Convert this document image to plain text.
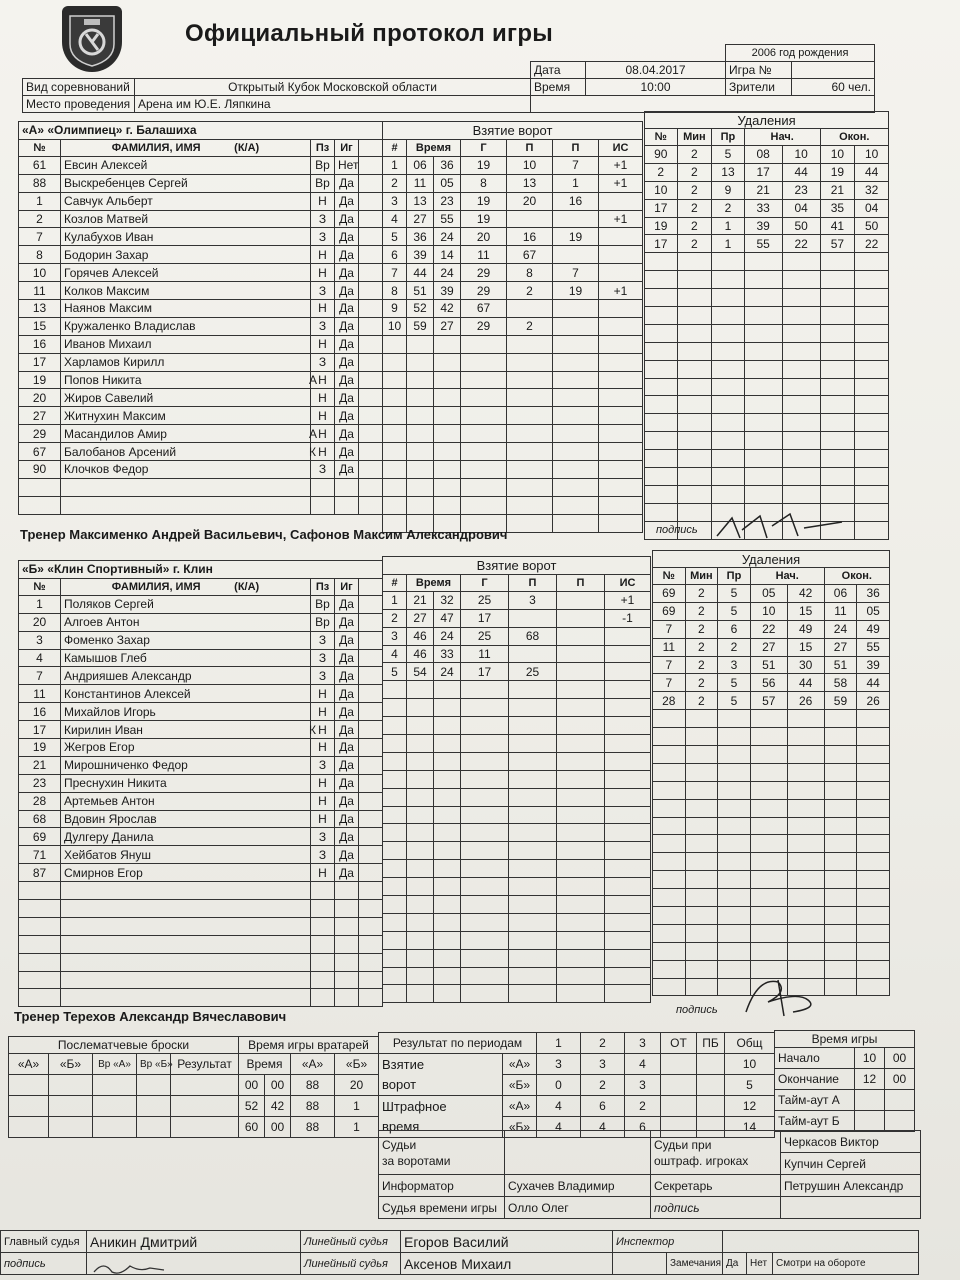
Официальный протокол игры
				2006 год рождения	
		Дата	08.04.2017	Игра №	
Вид соревнований	Открытый Кубок Московской области	Время	10:00	Зрители	60 чел.
Место проведения	Арена им Ю.Е. Ляпкина				
«А» «Олимпиец» г. Балашиха				
№	ФАМИЛИЯ, ИМЯ (К/А)	Пз	Иг	
61	Евсин Алексей	Вр	Нет	
88	Выскребенцев Сергей	Вр	Да	
1	Савчук Альберт	Н	Да	
2	Козлов Матвей	З	Да	
7	Кулабухов Иван	З	Да	
8	Бодорин Захар	Н	Да	
10	Горячев Алексей	Н	Да	
11	Колков Максим	З	Да	
13	Наянов Максим	Н	Да	
15	Кружаленко Владислав	З	Да	
16	Иванов Михаил	Н	Да	
17	Харламов Кирилл	З	Да	
19	Попов Никита А	Н	Да	
20	Жиров Савелий	Н	Да	
27	Житнухин Максим	Н	Да	
29	Масандилов Амир А	Н	Да	
67	Балобанов Арсений К	Н	Да	
90	Клочков Федор	З	Да	

Взятие ворот						
#	Время		Г	П	П	ИС
1	06	36	19	10	7	+1
2	11	05	8	13	1	+1
3	13	23	19	20	16	
4	27	55	19			+1
5	36	24	20	16	19	
6	39	14	11	67		
7	44	24	29	8	7	
8	51	39	29	2	19	+1
9	52	42	67			
10	59	27	29	2		

Удаления						
№	Мин	Пр	Нач.		Окон.	
90	2	5	08	10	10	10
2	2	13	17	44	19	44
10	2	9	21	23	21	32
17	2	2	33	04	35	04
19	2	1	39	50	41	50
17	2	1	55	22	57	22

Тренер Максименко Андрей Васильевич, Сафонов Максим Александрович	подпись
«Б» «Клин Спортивный» г. Клин				
№	ФАМИЛИЯ, ИМЯ (К/А)	Пз	Иг	
1	Поляков Сергей	Вр	Да	
20	Алгоев Антон	Вр	Да	
3	Фоменко Захар	З	Да	
4	Камышов Глеб	З	Да	
7	Андрияшев Александр	З	Да	
11	Константинов Алексей	Н	Да	
16	Михайлов Игорь	Н	Да	
17	Кирилин Иван К	Н	Да	
19	Жегров Егор	Н	Да	
21	Мирошниченко Федор	З	Да	
23	Преснухин Никита	Н	Да	
28	Артемьев Антон	Н	Да	
68	Вдовин Ярослав	Н	Да	
69	Дулгеру Данила	З	Да	
71	Хейбатов Януш	З	Да	
87	Смирнов Егор	Н	Да	

Взятие ворот						
#	Время		Г	П	П	ИС
1	21	32	25	3		+1
2	27	47	17			-1
3	46	24	25	68		
4	46	33	11			
5	54	24	17	25		

Удаления						
№	Мин	Пр	Нач.		Окон.	
69	2	5	05	42	06	36
69	2	5	10	15	11	05
7	2	6	22	49	24	49
11	2	2	27	15	27	55
7	2	3	51	30	51	39
7	2	5	56	44	58	44
28	2	5	57	26	59	26

Тренер Терехов Александр Вячеславович	подпись
Послематчевые броски				
«А»	«Б»	Вр «А»	Вр «Б»	Результат

Время игры вратарей			
Время		«А»	«Б»
00	00	88	20
52	42	88	1
60	00	88	1
Результат по периодам		1	2	3	ОТ	ПБ	Общ
Взятие	«А»	3	3	4			10
ворот	«Б»	0	2	3			5
Штрафное	«А»	4	6	2			12
время	«Б»	4	4	6			14
Время игры		
Начало	10	00
Окончание	12	00
Тайм-аут А		
Тайм-аут Б		
Судьи
за воротами		Судьи при
оштраф. игроках	Черкасов Виктор
			Купчин Сергей
Информатор	Сухачев Владимир	Секретарь	Петрушин Александр
Судья времени игры	Олло Олег	подпись	
Главный судья	Аникин Дмитрий	Линейный судья	Егоров Василий	Инспектор				
подпись		Линейный судья	Аксенов Михаил		Замечания	Да	Нет	Смотри на обороте
